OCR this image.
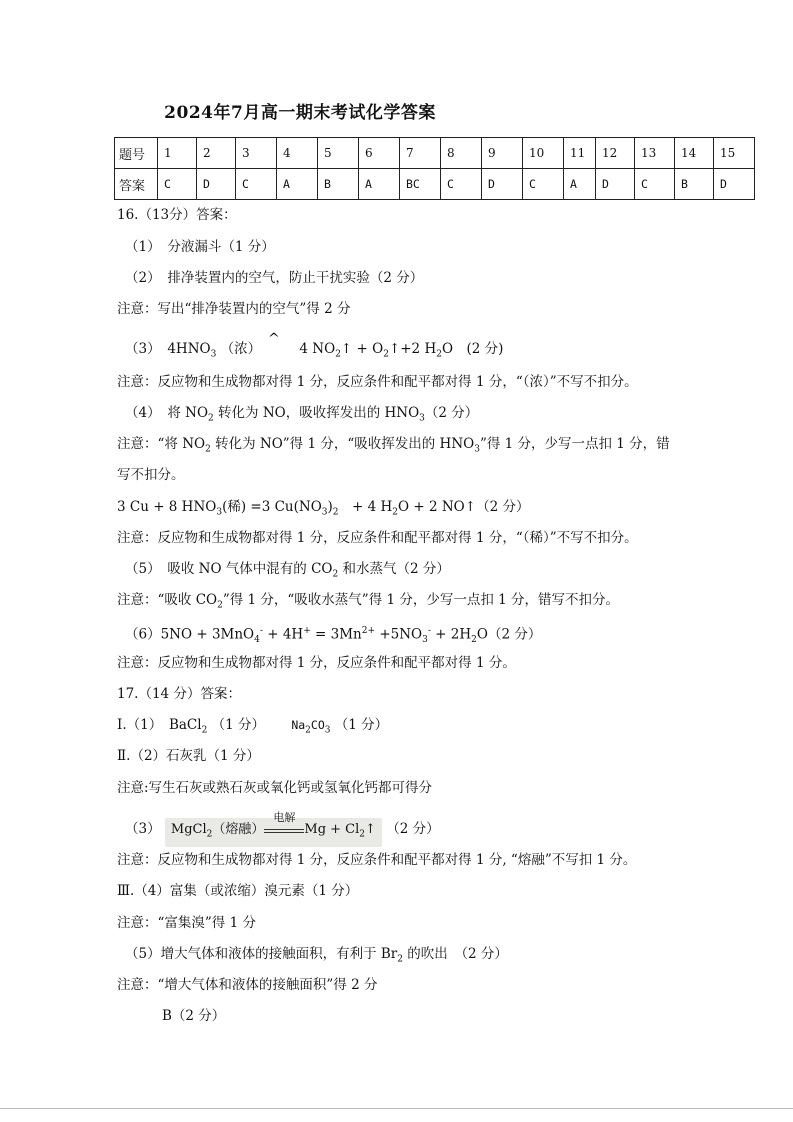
2024年7月高一期末考试化学答案
题号	1	2	3	4	5	6	7	8	9	10	11	12	13	14	15
答案	C	D	C	A	B	A	BC	C	D	C	A	D	C	B	D
16.（13分）答案：
（1）　分液漏斗（1 分）
（2）　排净装置内的空气，防止干扰实验（2 分）
注意：写出“排净装置内的空气”得 2 分
（3）　$4HNO_3$ （浓）	4 $NO_2↑$ + $O_2↑+2$ $H_2O$　(2 分)
^
注意：反应物和生成物都对得 1 分，反应条件和配平都对得 1 分，“（浓）”不写不扣分。
（4）　将 $NO_2$ 转化为 NO，吸收挥发出的 $HNO_3(2$ 分）
注意：“将 $NO_2$ 转化为 NO”得 1 分，“吸收挥发出的 $HNO_3$”得 1 分，少写一点扣 1 分，错
写不扣分。
3 Cu + 8 $HNO_3$(稀) =3 $Cu(NO_3)_2$　+ 4 $H_2O + 2$ NO↑（2 分）
注意：反应物和生成物都对得 1 分，反应条件和配平都对得 1 分，“（稀）”不写不扣分。
（5）　吸收 NO 气体中混有的 $CO_2$ 和水蒸气（2 分）
注意：“吸收 $CO_2$”得 1 分，“吸收水蒸气”得 1 分，少写一点扣 1 分，错写不扣分。
$(6)5NO + 3MnO_4^- + 4H^+ = 3Mn^{2+} +5NO_3^- + 2H_2O(2$ 分）
注意：反应物和生成物都对得 1 分，反应条件和配平都对得 1 分。
17.（14 分）答案：
Ⅰ.（1）　BaCl$_2$ （1 分） $Na_2CO_3$ （1 分）
Ⅱ.（2）石灰乳（1 分）
注意:写生石灰或熟石灰或氧化钙或氢氧化钙都可得分
（3） MgCl$_2$（熔融）
电解
$Mg + Cl_2↑$ （2 分）
注意：反应物和生成物都对得 1 分，反应条件和配平都对得 1 分, “熔融”不写扣 1 分。
Ⅲ.（4）富集（或浓缩）溴元素（1 分）
注意：“富集溴”得 1 分
（5）增大气体和液体的接触面积，有利于 $Br_2$ 的吹出　（2 分）
注意：“增大气体和液体的接触面积”得 2 分
B（2 分）
